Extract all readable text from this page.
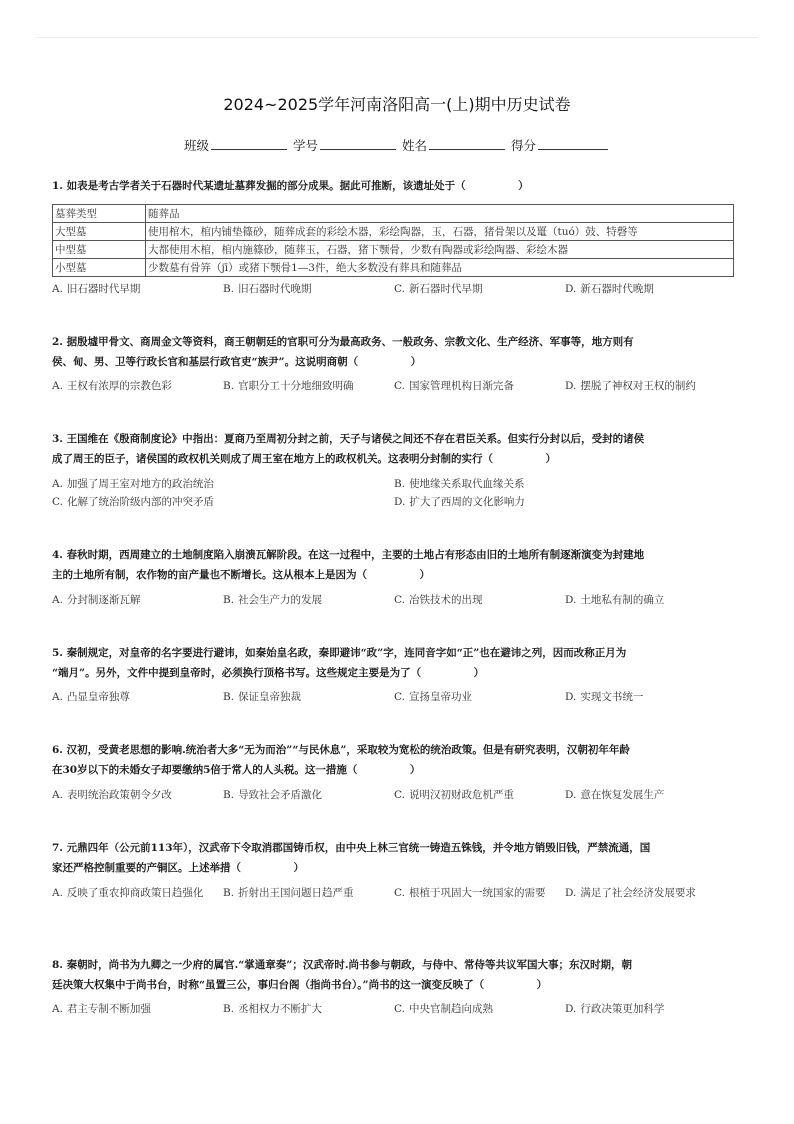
2024~2025学年河南洛阳高一(上)期中历史试卷
班级	学号	姓名	得分
1. 如表是考古学者关于石器时代某遗址墓葬发掘的部分成果。据此可推断，该遗址处于（　　　　　）
墓葬类型	随葬品
大型墓	使用棺木，棺内铺垫篠砂，随葬成套的彩绘木器，彩绘陶器，玉，石器，猪骨架以及鼍（tuó）鼓、特磬等
中型墓	大都使用木棺，棺内施篠砂，随葬玉，石器，猪下颚骨，少数有陶器或彩绘陶器、彩绘木器
小型墓	少数墓有骨笄（jī）或猪下颚骨1—3件，绝大多数没有葬具和随葬品
A. 旧石器时代早期	B. 旧石器时代晚期	C. 新石器时代早期	D. 新石器时代晚期
2. 据殷墟甲骨文、商周金文等资料，商王朝朝廷的官职可分为最高政务、一般政务、宗教文化、生产经济、军事等，地方则有
侯、甸、男、卫等行政长官和基层行政官吏“族尹”。这说明商朝（　　　　　）
A. 王权有浓厚的宗教色彩	B. 官职分工十分地细致明确	C. 国家管理机构日渐完备	D. 摆脱了神权对王权的制约
3. 王国维在《殷商制度论》中指出：夏商乃至周初分封之前，天子与诸侯之间还不存在君臣关系。但实行分封以后，受封的诸侯
成了周王的臣子，诸侯国的政权机关则成了周王室在地方上的政权机关。这表明分封制的实行（　　　　　）
A. 加强了周王室对地方的政治统治	B. 使地缘关系取代血缘关系
C. 化解了统治阶级内部的冲突矛盾	D. 扩大了西周的文化影响力
4. 春秋时期，西周建立的土地制度陷入崩溃瓦解阶段。在这一过程中，主要的土地占有形态由旧的土地所有制逐渐演变为封建地
主的土地所有制，农作物的亩产量也不断增长。这从根本上是因为（　　　　　）
A. 分封制逐渐瓦解	B. 社会生产力的发展	C. 冶铁技术的出现	D. 土地私有制的确立
5. 秦制规定，对皇帝的名字要进行避讳，如秦始皇名政，秦即避讳“政”字，连同音字如“正”也在避讳之列，因而改称正月为
“端月”。另外，文件中提到皇帝时，必须换行顶格书写。这些规定主要是为了（　　　　　）
A. 凸显皇帝独尊	B. 保证皇帝独裁	C. 宣扬皇帝功业	D. 实现文书统一
6. 汉初，受黄老思想的影响.统治者大多“无为而治”“与民休息”，采取较为宽松的统治政策。但是有研究表明，汉朝初年年龄
在30岁以下的未婚女子却要缴纳5倍于常人的人头税。这一措施（　　　　　）
A. 表明统治政策朝令夕改	B. 导致社会矛盾激化	C. 说明汉初财政危机严重	D. 意在恢复发展生产
7. 元鼎四年（公元前113年），汉武帝下令取消郡国铸币权，由中央上林三官统一铸造五铢钱，并令地方销毁旧钱，严禁流通，国
家还严格控制重要的产铜区。上述举措（　　　　　）
A. 反映了重农抑商政策日趋强化	B. 折射出王国问题日趋严重	C. 根植于巩固大一统国家的需要	D. 满足了社会经济发展要求
8. 秦朝时，尚书为九卿之一少府的属官.“掌通章奏”；汉武帝时.尚书参与朝政，与侍中、常侍等共议军国大事；东汉时期，朝
廷决策大权集中于尚书台，时称“虽置三公，事归台阁（指尚书台）。”尚书的这一演变反映了（　　　　　）
A. 君主专制不断加强	B. 丞相权力不断扩大	C. 中央官制趋向成熟	D. 行政决策更加科学
